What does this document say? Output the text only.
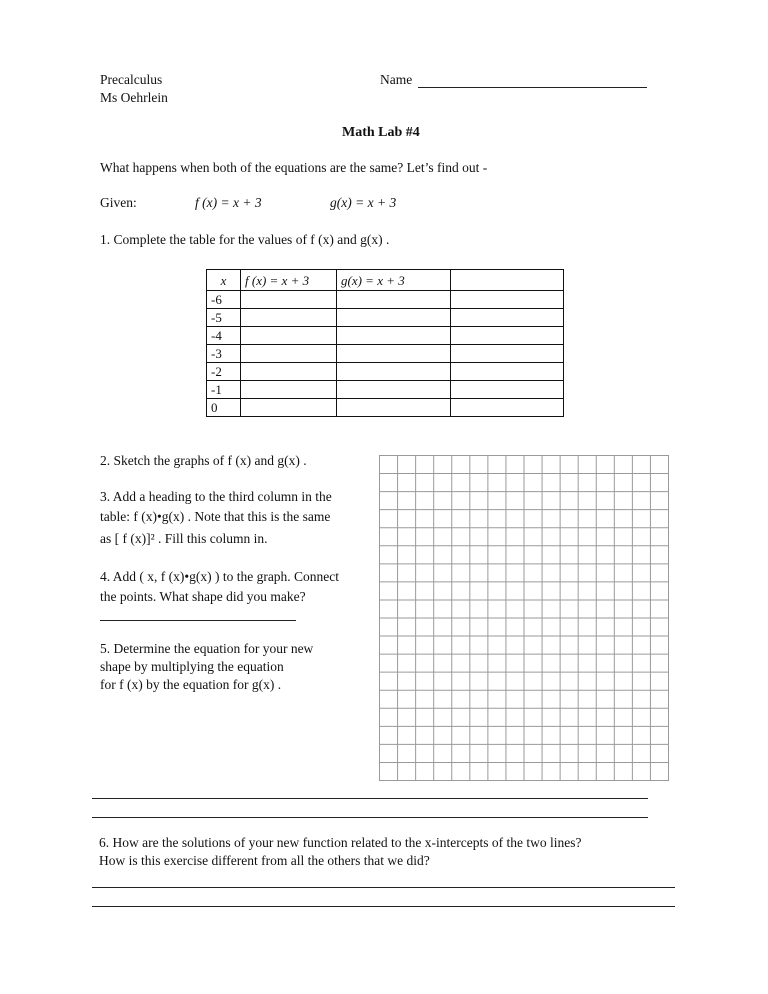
Precalculus
Ms Oehrlein
Name
Math Lab #4
What happens when both of the equations are the same? Let’s find out -
Given:	f (x) = x + 3	g(x) = x + 3
1. Complete the table for the values of f (x) and g(x) .
x	f (x) = x + 3	g(x) = x + 3	
-6			
-5			
-4			
-3			
-2			
-1			
0			
2. Sketch the graphs of f (x) and g(x) .
3. Add a heading to the third column in the
table: f (x)•g(x) . Note that this is the same
as [ f (x)]² . Fill this column in.
4. Add ( x, f (x)•g(x) ) to the graph. Connect
the points. What shape did you make?
5. Determine the equation for your new
shape by multiplying the equation
for f (x) by the equation for g(x) .
6. How are the solutions of your new function related to the x-intercepts of the two lines?
How is this exercise different from all the others that we did?
